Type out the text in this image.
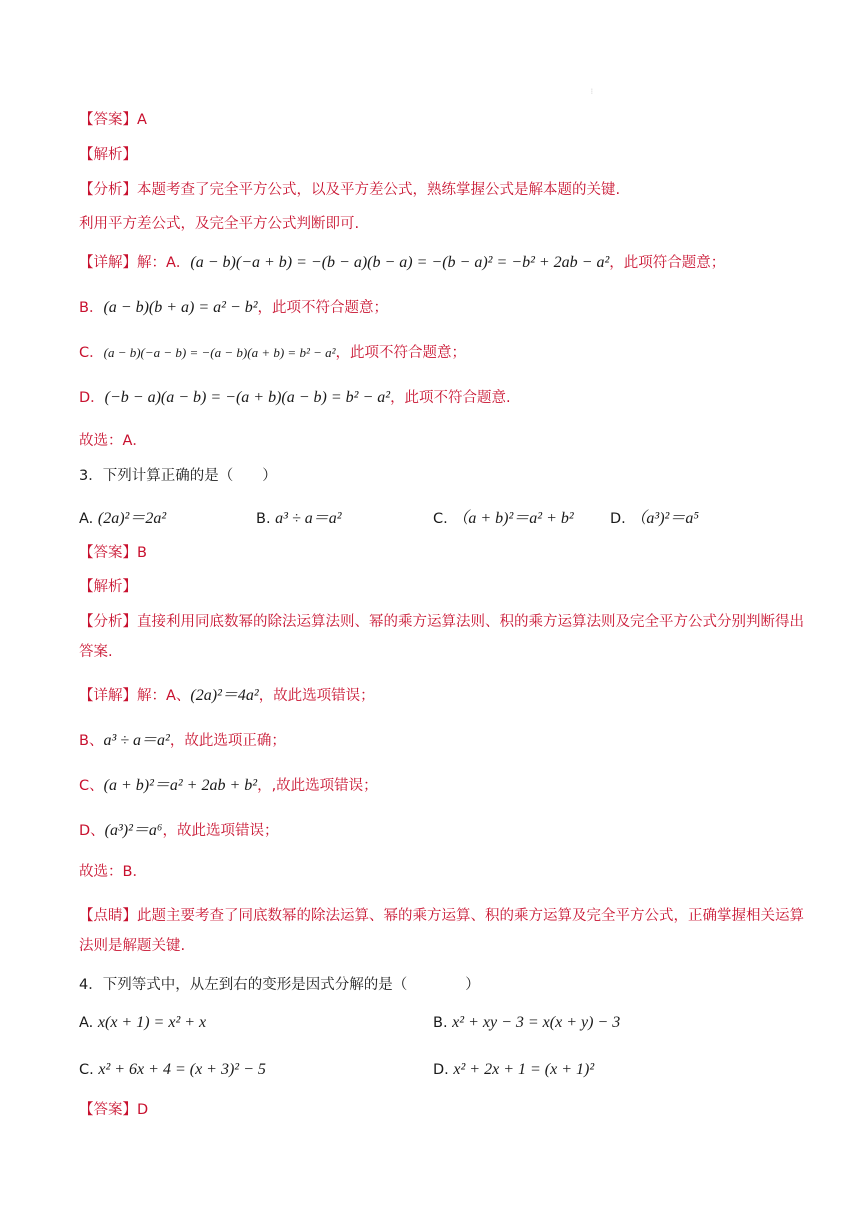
⋮
【答案】A
【解析】
【分析】本题考查了完全平方公式，以及平方差公式，熟练掌握公式是解本题的关键.
利用平方差公式，及完全平方公式判断即可.
【详解】解：A．(a − b)(−a + b) = −(b − a)(b − a) = −(b − a)² = −b² + 2ab − a²，此项符合题意；
B．(a − b)(b + a) = a² − b²，此项不符合题意；
C．(a − b)(−a − b) = −(a − b)(a + b) = b² − a²，此项不符合题意；
D．(−b − a)(a − b) = −(a + b)(a − b) = b² − a²，此项不符合题意.
故选：A．
3．下列计算正确的是（　　）
A. (2a)²＝2a²	B. a³ ÷ a＝a²	C. （a + b)²＝a² + b²	D. （a³)²＝a⁵
【答案】B
【解析】
【分析】直接利用同底数幂的除法运算法则、幂的乘方运算法则、积的乘方运算法则及完全平方公式分别判断得出答案.
【详解】解：A、(2a)²＝4a²，故此选项错误；
B、a³ ÷ a＝a²，故此选项正确；
C、(a + b)²＝a² + 2ab + b²，,故此选项错误；
D、(a³)²＝a⁶，故此选项错误；
故选：B．
【点睛】此题主要考查了同底数幂的除法运算、幂的乘方运算、积的乘方运算及完全平方公式，正确掌握相关运算法则是解题关键.
4．下列等式中，从左到右的变形是因式分解的是（　　　　）
A. x(x + 1) = x² + x	B. x² + xy − 3 = x(x + y) − 3
C. x² + 6x + 4 = (x + 3)² − 5	D. x² + 2x + 1 = (x + 1)²
【答案】D
